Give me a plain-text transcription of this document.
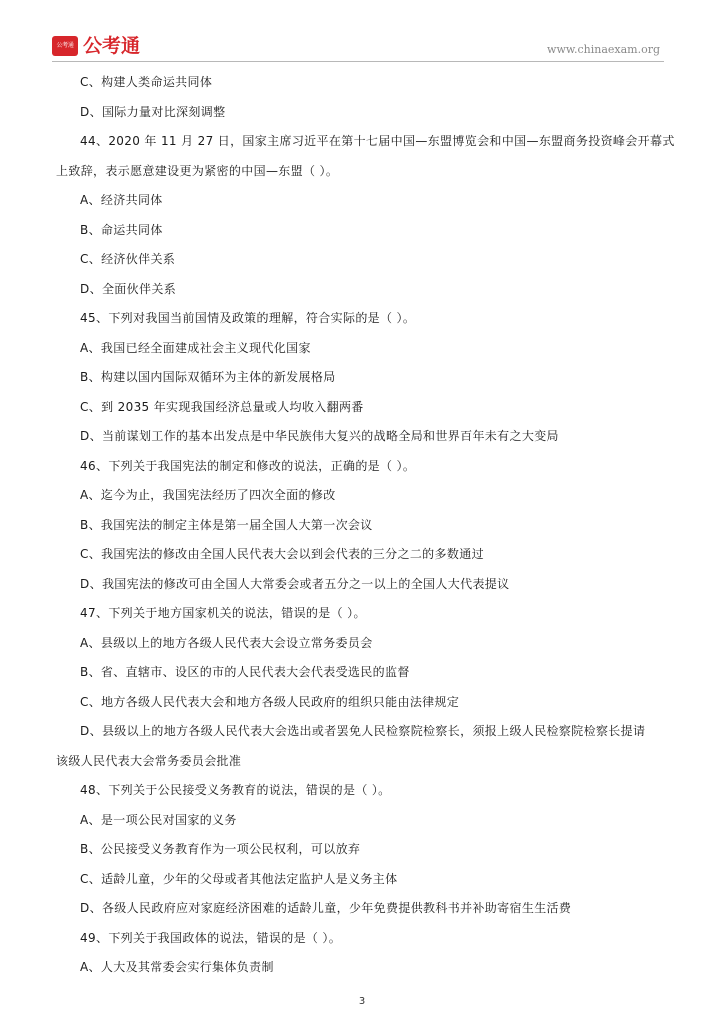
公考通 公考通	www.chinaexam.org
C、构建人类命运共同体
D、国际力量对比深刻调整
44、2020 年 11 月 27 日，国家主席习近平在第十七届中国—东盟博览会和中国—东盟商务投资峰会开幕式
上致辞，表示愿意建设更为紧密的中国—东盟（ ）。
A、经济共同体
B、命运共同体
C、经济伙伴关系
D、全面伙伴关系
45、下列对我国当前国情及政策的理解，符合实际的是（ ）。
A、我国已经全面建成社会主义现代化国家
B、构建以国内国际双循环为主体的新发展格局
C、到 2035 年实现我国经济总量或人均收入翻两番
D、当前谋划工作的基本出发点是中华民族伟大复兴的战略全局和世界百年未有之大变局
46、下列关于我国宪法的制定和修改的说法，正确的是（ ）。
A、迄今为止，我国宪法经历了四次全面的修改
B、我国宪法的制定主体是第一届全国人大第一次会议
C、我国宪法的修改由全国人民代表大会以到会代表的三分之二的多数通过
D、我国宪法的修改可由全国人大常委会或者五分之一以上的全国人大代表提议
47、下列关于地方国家机关的说法，错误的是（ ）。
A、县级以上的地方各级人民代表大会设立常务委员会
B、省、直辖市、设区的市的人民代表大会代表受选民的监督
C、地方各级人民代表大会和地方各级人民政府的组织只能由法律规定
D、县级以上的地方各级人民代表大会选出或者罢免人民检察院检察长，须报上级人民检察院检察长提请
该级人民代表大会常务委员会批准
48、下列关于公民接受义务教育的说法，错误的是（ ）。
A、是一项公民对国家的义务
B、公民接受义务教育作为一项公民权利，可以放弃
C、适龄儿童，少年的父母或者其他法定监护人是义务主体
D、各级人民政府应对家庭经济困难的适龄儿童，少年免费提供教科书并补助寄宿生生活费
49、下列关于我国政体的说法，错误的是（ ）。
A、人大及其常委会实行集体负责制
3
